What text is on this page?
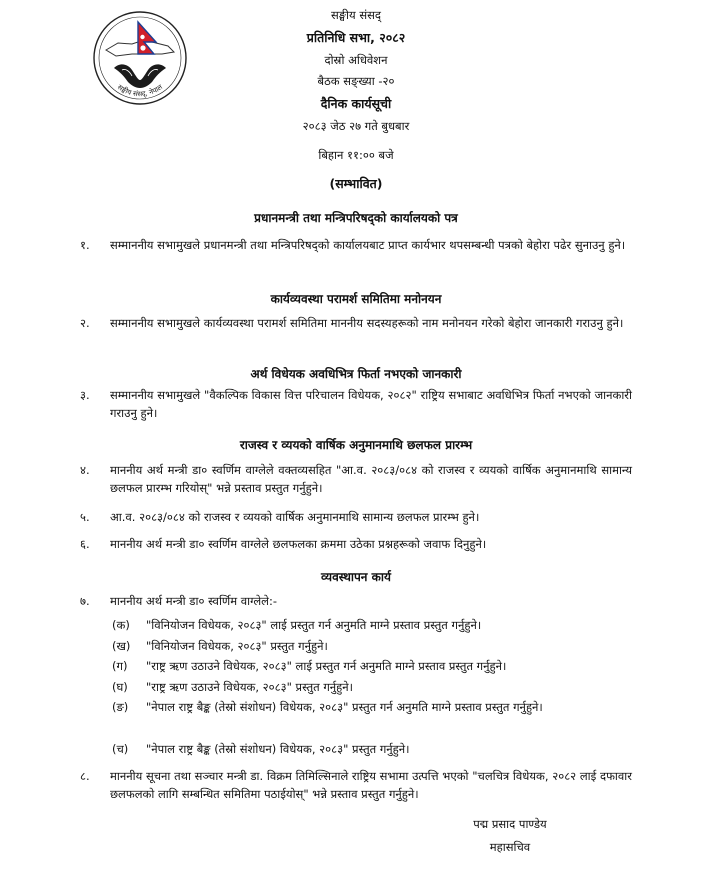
सङ्घीय संसद्, नेपाल

सङ्घीय संसद्

प्रतिनिधि सभा, २०८२

दोस्रो अधिवेशन

बैठक सङ्ख्या -२०

दैनिक कार्यसूची

२०८३ जेठ २७ गते बुधबार

बिहान ११:०० बजे

(सम्भावित)

प्रधानमन्त्री तथा मन्त्रिपरिषद्‌को कार्यालयको पत्र

१.	सम्माननीय सभामुखले प्रधानमन्त्री तथा मन्त्रिपरिषद्‌को कार्यालयबाट प्राप्त कार्यभार थपसम्बन्धी पत्रको बेहोरा पढेर सुनाउनु हुने।

कार्यव्यवस्था परामर्श समितिमा मनोनयन

२.	सम्माननीय सभामुखले कार्यव्यवस्था परामर्श समितिमा माननीय सदस्यहरूको नाम मनोनयन गरेको बेहोरा जानकारी गराउनु हुने।

अर्थ विधेयक अवधिभित्र फिर्ता नभएको जानकारी

३.	सम्माननीय सभामुखले "वैकल्पिक विकास वित्त परिचालन विधेयक, २०८२" राष्ट्रिय सभाबाट अवधिभित्र फिर्ता नभएको जानकारी गराउनु हुने।

राजस्व र व्ययको वार्षिक अनुमानमाथि छलफल प्रारम्भ

४.	माननीय अर्थ मन्त्री डा० स्वर्णिम वाग्लेले वक्तव्यसहित "आ.व. २०८३/०८४ को राजस्व र व्ययको वार्षिक अनुमानमाथि सामान्य छलफल प्रारम्भ गरियोस्" भन्ने प्रस्ताव प्रस्तुत गर्नुहुने।
५.	आ.व. २०८३/०८४ को राजस्व र व्ययको वार्षिक अनुमानमाथि सामान्य छलफल प्रारम्भ हुने।
६.	माननीय अर्थ मन्त्री डा० स्वर्णिम वाग्लेले छलफलका क्रममा उठेका प्रश्नहरूको जवाफ दिनुहुने।

व्यवस्थापन कार्य

७.	माननीय अर्थ मन्त्री डा० स्वर्णिम वाग्लेले:-
(क)	"विनियोजन विधेयक, २०८३" लाई प्रस्तुत गर्न अनुमति माग्ने प्रस्ताव प्रस्तुत गर्नुहुने।
(ख)	"विनियोजन विधेयक, २०८३" प्रस्तुत गर्नुहुने।
(ग)	"राष्ट्र ऋण उठाउने विधेयक, २०८३" लाई प्रस्तुत गर्न अनुमति माग्ने प्रस्ताव प्रस्तुत गर्नुहुने।
(घ)	"राष्ट्र ऋण उठाउने विधेयक, २०८३" प्रस्तुत गर्नुहुने।
(ङ)	"नेपाल राष्ट्र बैङ्क (तेस्रो संशोधन) विधेयक, २०८३" प्रस्तुत गर्न अनुमति माग्ने प्रस्ताव प्रस्तुत गर्नुहुने।
(च)	"नेपाल राष्ट्र बैङ्क (तेस्रो संशोधन) विधेयक, २०८३" प्रस्तुत गर्नुहुने।
८.	माननीय सूचना तथा सञ्चार मन्त्री डा. विक्रम तिमिल्सिनाले राष्ट्रिय सभामा उत्पत्ति भएको "चलचित्र विधेयक, २०८२ लाई दफावार छलफलको लागि सम्बन्धित समितिमा पठाईयोस्" भन्ने प्रस्ताव प्रस्तुत गर्नुहुने।
पद्म प्रसाद पाण्डेय
महासचिव
